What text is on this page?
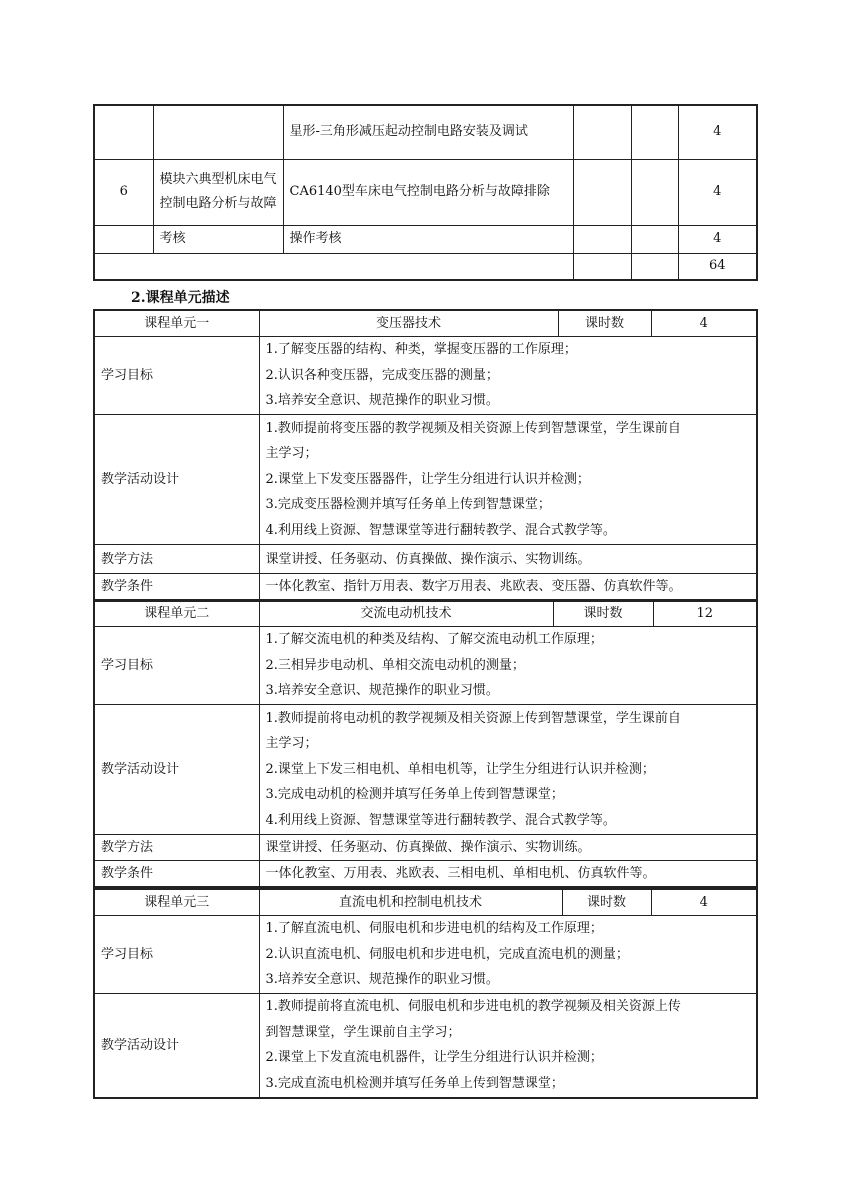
		星形-三角形减压起动控制电路安装及调试			4
6	模块六典型机床电气控制电路分析与故障	CA6140型车床电气控制电路分析与故障排除			4
	考核	操作考核			4
					64
2.课程单元描述
课程单元一	变压器技术	课时数	4
学习目标	1.了解变压器的结构、种类，掌握变压器的工作原理；
2.认识各种变压器，完成变压器的测量；
3.培养安全意识、规范操作的职业习惯。		

教学活动设计	1.教师提前将变压器的教学视频及相关资源上传到智慧课堂，学生课前自
主学习；
2.课堂上下发变压器器件，让学生分组进行认识并检测；
3.完成变压器检测并填写任务单上传到智慧课堂；
4.利用线上资源、智慧课堂等进行翻转教学、混合式教学等。		

教学方法	课堂讲授、任务驱动、仿真操做、操作演示、实物训练。		
教学条件	一体化教室、指针万用表、数字万用表、兆欧表、变压器、仿真软件等。		
课程单元二	交流电动机技术	课时数	12
学习目标	1.了解交流电机的种类及结构、了解交流电动机工作原理；
2.三相异步电动机、单相交流电动机的测量；
3.培养安全意识、规范操作的职业习惯。		

教学活动设计	1.教师提前将电动机的教学视频及相关资源上传到智慧课堂，学生课前自
主学习；
2.课堂上下发三相电机、单相电机等，让学生分组进行认识并检测；
3.完成电动机的检测并填写任务单上传到智慧课堂；
4.利用线上资源、智慧课堂等进行翻转教学、混合式教学等。		

教学方法	课堂讲授、任务驱动、仿真操做、操作演示、实物训练。		
教学条件	一体化教室、万用表、兆欧表、三相电机、单相电机、仿真软件等。		
课程单元三	直流电机和控制电机技术	课时数	4
学习目标	1.了解直流电机、伺服电机和步进电机的结构及工作原理；
2.认识直流电机、伺服电机和步进电机，完成直流电机的测量；
3.培养安全意识、规范操作的职业习惯。		

教学活动设计	1.教师提前将直流电机、伺服电机和步进电机的教学视频及相关资源上传
到智慧课堂，学生课前自主学习；
2.课堂上下发直流电机器件，让学生分组进行认识并检测；
3.完成直流电机检测并填写任务单上传到智慧课堂；		
